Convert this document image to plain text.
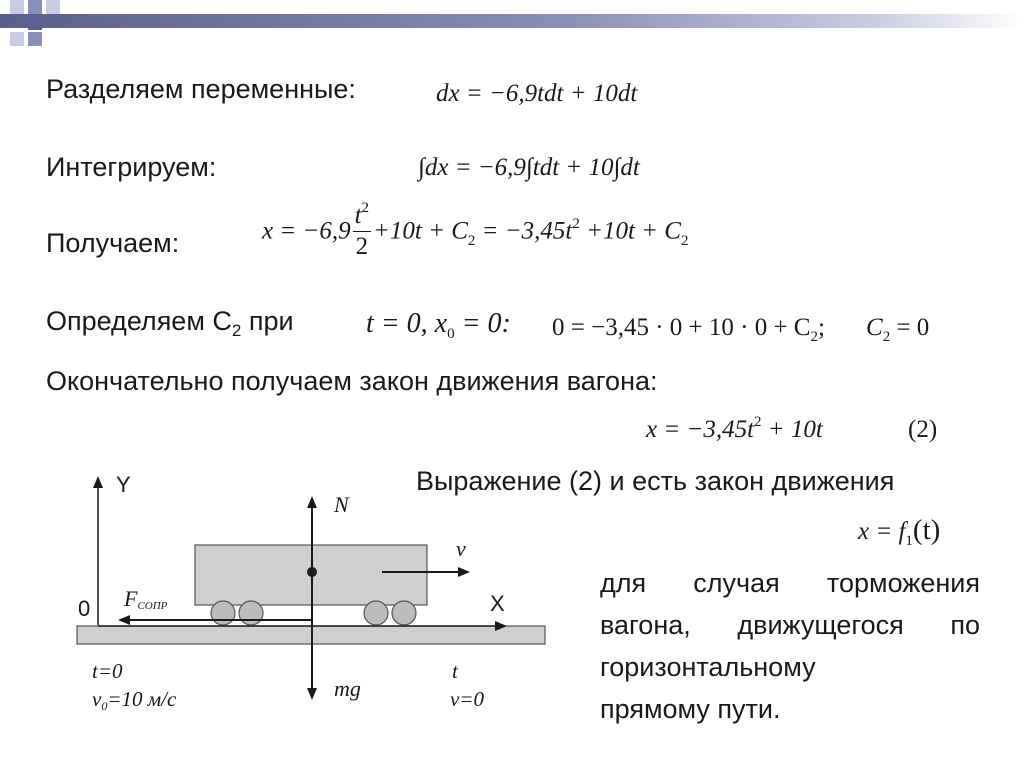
Разделяем переменные:	dx = −6,9tdt + 10dt
Интегрируем:	∫dx = −6,9∫tdt + 10∫dt
Получаем:	$x = -6,9 \frac{t^2}{2} +10t + C_2 = -3,45t^2 +10t + C_2$
Определяем $C_2$ при	t = 0, $x_0 = 0$: $0 = -3,45 \cdot 0 + 10 \cdot 0 + C_2$; $C_2 = 0$
Окончательно получаем закон движения вагона:
$x = -3,45t^2 + 10t$	(2)
Выражение (2) и есть закон движения
$x = f_1(t)$
для случая торможения
вагона, движущегося по
горизонтальному
прямому пути.
Y
X
0
N
v
FСОПР
mg
t=0
v0=10 м/с
t
v=0
